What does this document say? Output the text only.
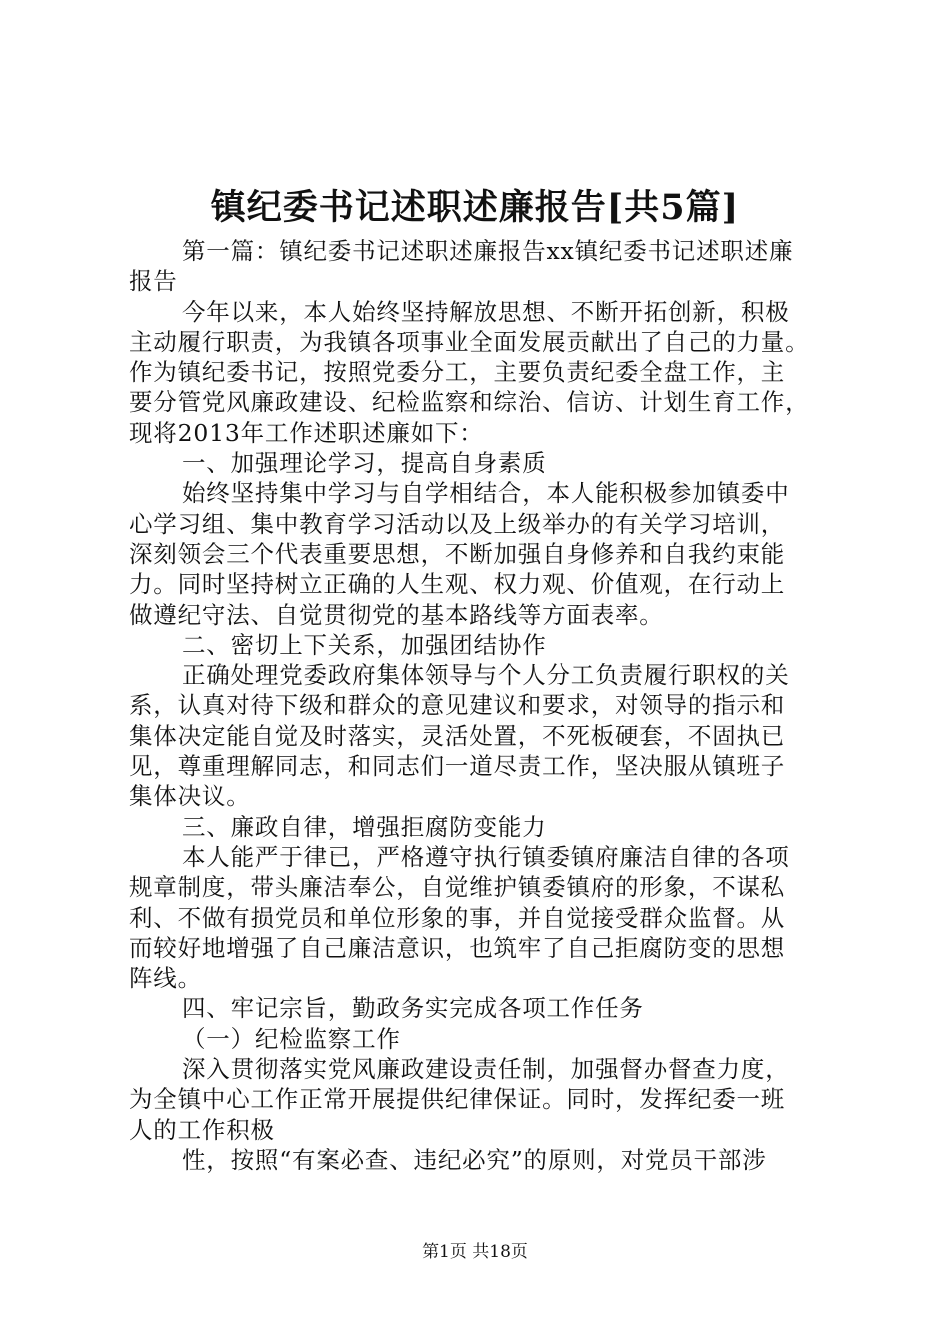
镇纪委书记述职述廉报告[共5篇]
第一篇：镇纪委书记述职述廉报告xx镇纪委书记述职述廉
报告
今年以来，本人始终坚持解放思想、不断开拓创新，积极
主动履行职责，为我镇各项事业全面发展贡献出了自己的力量。
作为镇纪委书记，按照党委分工，主要负责纪委全盘工作，主
要分管党风廉政建设、纪检监察和综治、信访、计划生育工作，
现将2013年工作述职述廉如下：
一、加强理论学习，提高自身素质
始终坚持集中学习与自学相结合，本人能积极参加镇委中
心学习组、集中教育学习活动以及上级举办的有关学习培训，
深刻领会三个代表重要思想，不断加强自身修养和自我约束能
力。同时坚持树立正确的人生观、权力观、价值观，在行动上
做遵纪守法、自觉贯彻党的基本路线等方面表率。
二、密切上下关系，加强团结协作
正确处理党委政府集体领导与个人分工负责履行职权的关
系，认真对待下级和群众的意见建议和要求，对领导的指示和
集体决定能自觉及时落实，灵活处置，不死板硬套，不固执已
见，尊重理解同志，和同志们一道尽责工作，坚决服从镇班子
集体决议。
三、廉政自律，增强拒腐防变能力
本人能严于律已，严格遵守执行镇委镇府廉洁自律的各项
规章制度，带头廉洁奉公，自觉维护镇委镇府的形象，不谋私
利、不做有损党员和单位形象的事，并自觉接受群众监督。从
而较好地增强了自己廉洁意识，也筑牢了自己拒腐防变的思想
阵线。
四、牢记宗旨，勤政务实完成各项工作任务
（一）纪检监察工作
深入贯彻落实党风廉政建设责任制，加强督办督查力度，
为全镇中心工作正常开展提供纪律保证。同时，发挥纪委一班
人的工作积极
性，按照“有案必查、违纪必究”的原则，对党员干部涉
第1页 共18页
